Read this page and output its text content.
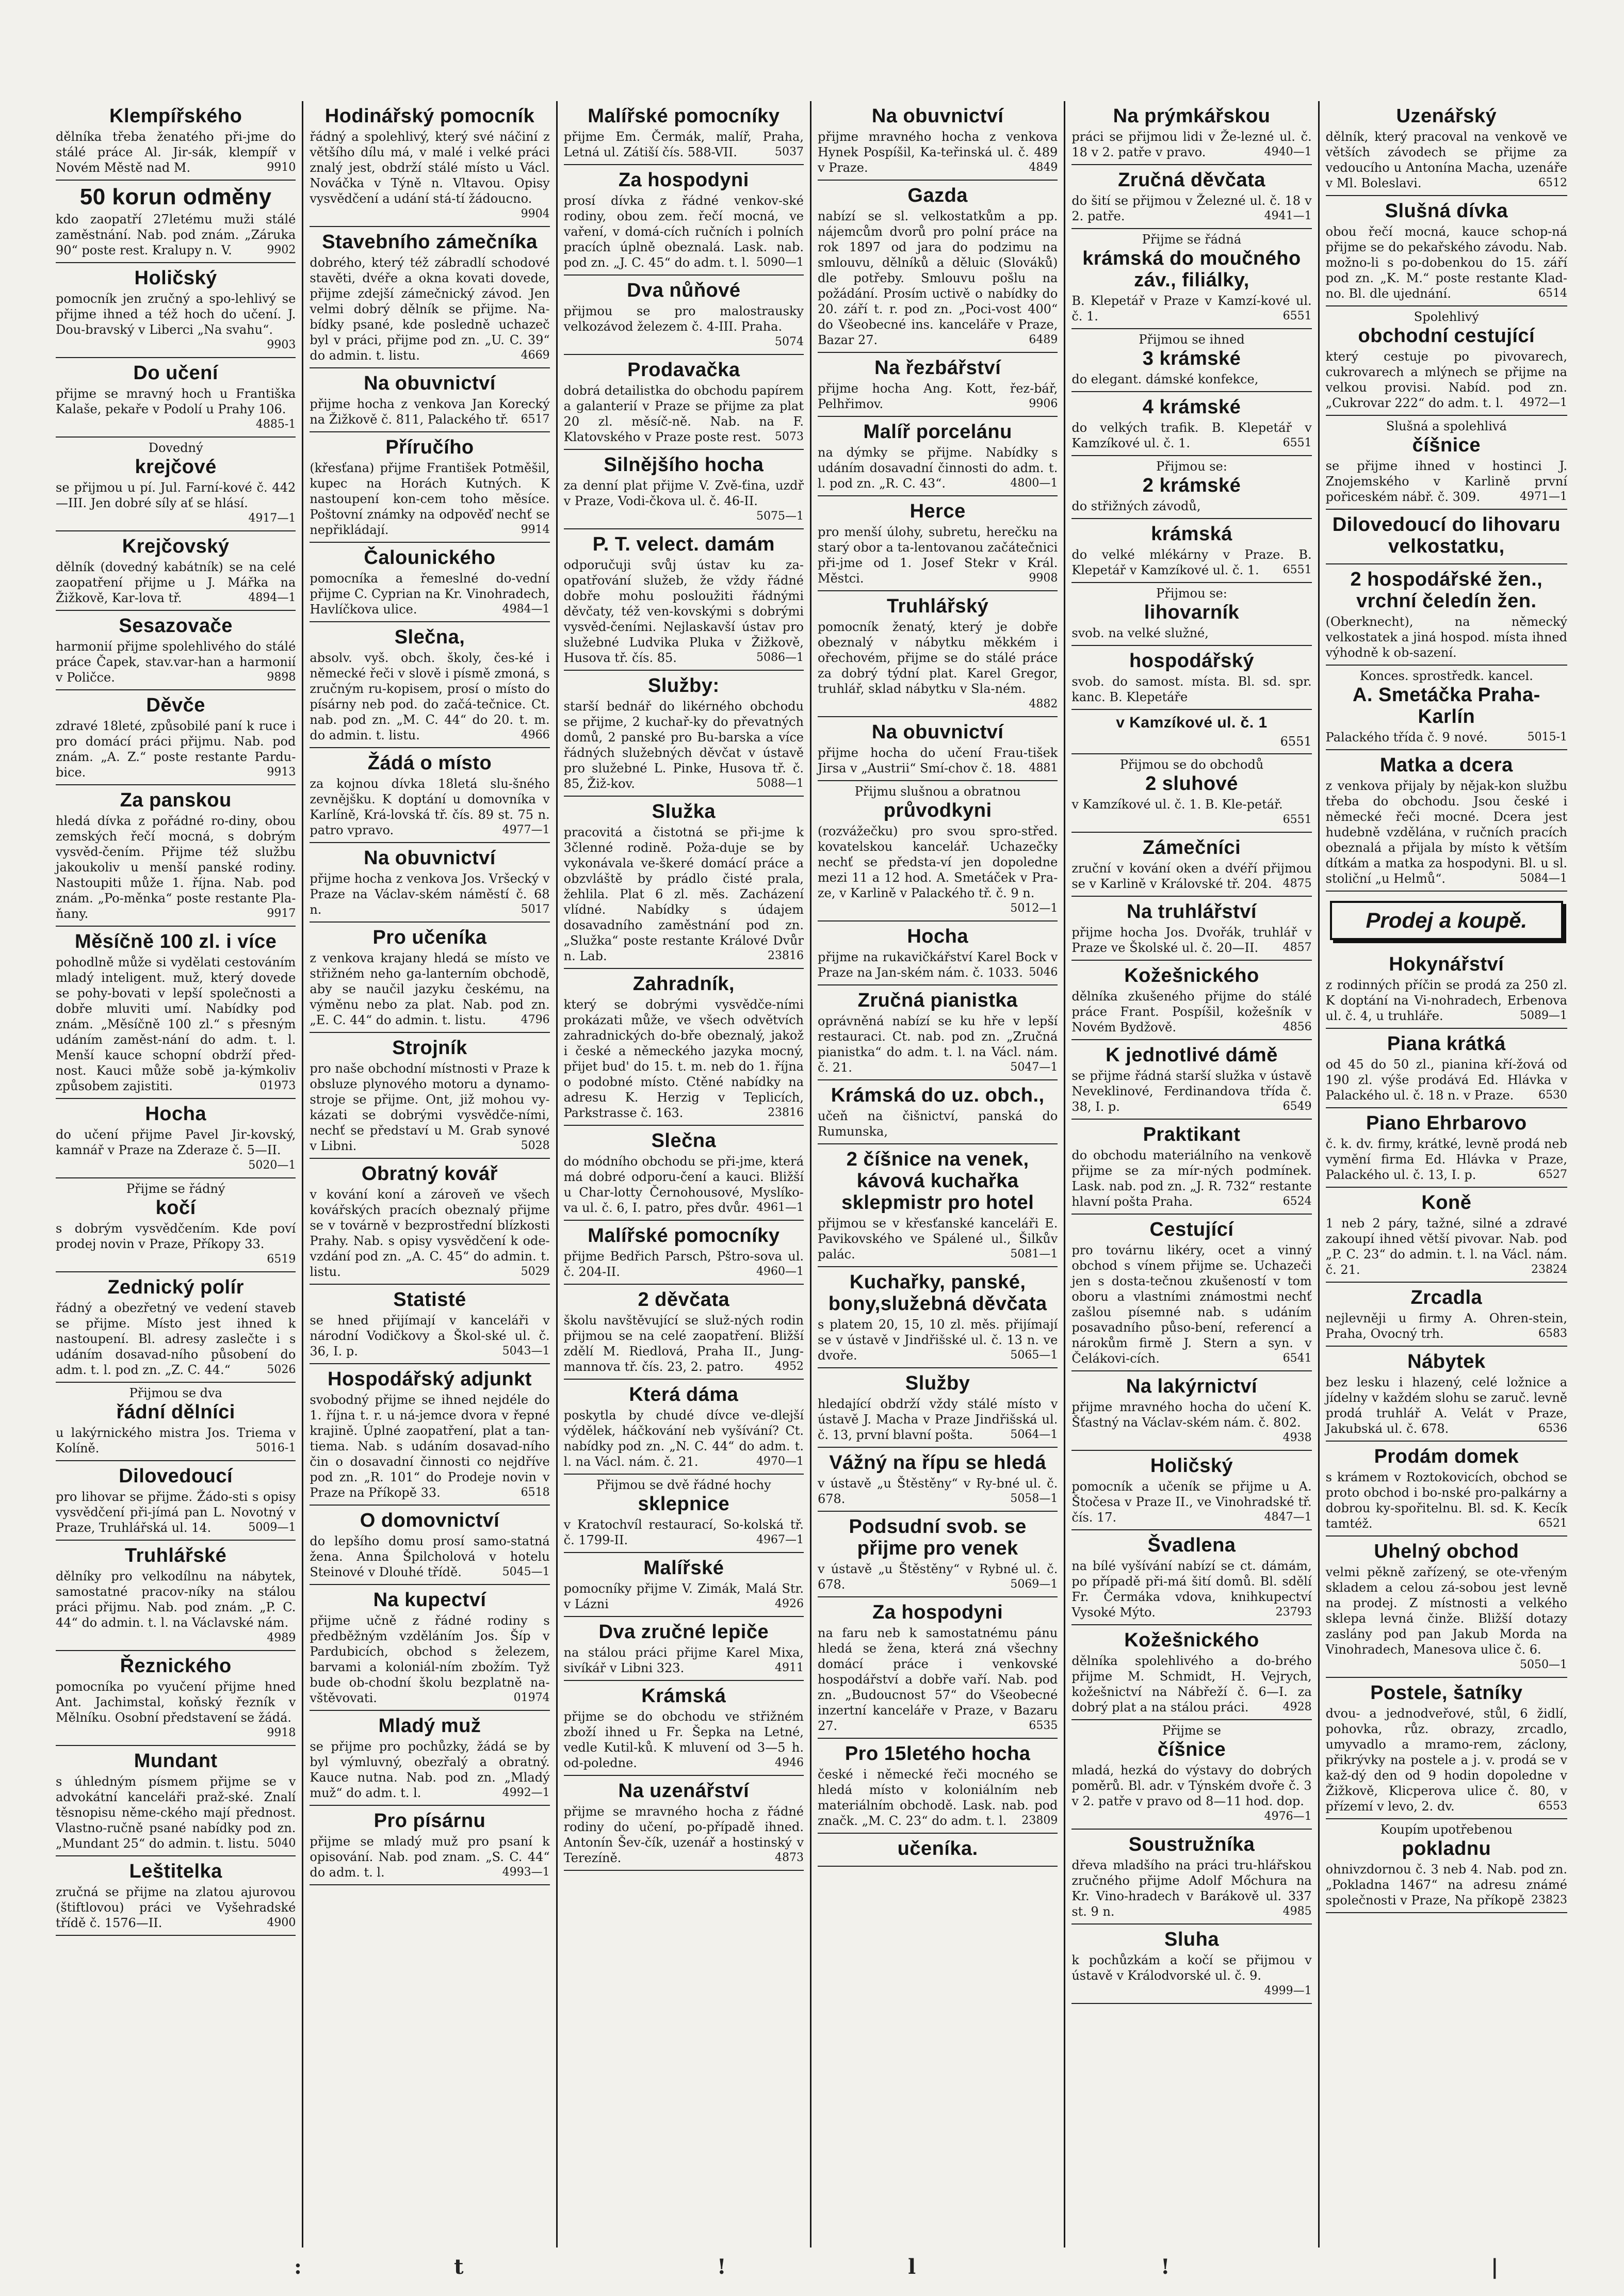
Klempířského
dělníka třeba ženatého při-jme do stálé práce Al. Jir-sák, klempíř v Novém Městě nad M.	9910
50 korun odměny
kdo zaopatří 27letému muži stálé zaměstnání. Nab. pod znám. „Záruka 90“ poste rest. Kralupy n. V.	9902
Holičský
pomocník jen zručný a spo-lehlivý se přijme ihned a též hoch do učení. J. Dou-bravský v Liberci „Na svahu“.
9903
Do učení
přijme se mravný hoch u Františka Kalaše, pekaře v Podolí u Prahy 106.
4885-1
Dovedný
krejčové
se přijmou u pí. Jul. Farní-kové č. 442—III. Jen dobré síly ať se hlásí.
4917—1
Krejčovský
dělník (dovedný kabátník) se na celé zaopatření přijme u J. Mářka na Žižkově, Kar-lova tř.	4894—1
Sesazovače
harmonií přijme spolehlivého do stálé práce Čapek, stav.var-han a harmonií v Poličce.	9898
Děvče
zdravé 18leté, způsobilé paní k ruce i pro domácí práci přijmu. Nab. pod znám. „A. Z.“ poste restante Pardu-bice.	9913
Za panskou
hledá dívka z pořádné ro-diny, obou zemských řečí mocná, s dobrým vysvěd-čením. Přijme též službu jakoukoliv u menší panské rodiny. Nastoupiti může 1. října. Nab. pod znám. „Po-měnka“ poste restante Pla-ňany.	9917
Měsíčně 100 zl. i více
pohodlně může si vydělati cestováním mladý inteligent. muž, který dovede se pohy-bovati v lepší společnosti a dobře mluviti umí. Nabídky pod znám. „Měsíčně 100 zl.“ s přesným udáním zaměst-nání do adm. t. l. Menší kauce schopní obdrží před-nost. Kauci může sobě ja-kýmkoliv způsobem zajistiti.	01973
Hocha
do učení přijme Pavel Jir-kovský, kamnář v Praze na Zderaze č. 5—II.
5020—1
Přijme se řádný
kočí
s dobrým vysvědčením. Kde poví prodej novin v Praze, Příkopy 33.
6519
Zednický polír
řádný a obezřetný ve vedení staveb se přijme. Místo jest ihned k nastoupení. Bl. adresy zaslečte i s udáním dosavad-ního působení do adm. t. l. pod zn. „Z. C. 44.“	5026
Přijmou se dva
řádní dělníci
u lakýrnického mistra Jos. Triema v Kolíně.	5016-1
Dilovedoucí
pro lihovar se přijme. Žádo-sti s opisy vysvědčení při-jímá pan L. Novotný v Praze, Truhlářská ul. 14.	5009—1
Truhlářské
dělníky pro velkodílnu na nábytek, samostatné pracov-níky na stálou práci přijmu. Nab. pod znám. „P. C. 44“ do admin. t. l. na Václavské nám.
4989
Řeznického
pomocníka po vyučení přijme hned Ant. Jachimstal, koňský řezník v Mělníku. Osobní představení se žádá.
9918
Mundant
s úhledným písmem přijme se v advokátní kanceláři praž-ské. Znalí těsnopisu něme-ckého mají přednost. Vlastno-ručně psané nabídky pod zn. „Mundant 25“ do admin. t. listu. 5040
Leštitelka
zručná se přijme na zlatou ajurovou (štiftlovou) práci ve Vyšehradské třídě č. 1576—II.	4900
Hodinářský pomocník
řádný a spolehlivý, který své náčiní z většího dílu má, v malé i velké práci znalý jest, obdrží stálé místo u Václ. Nováčka v Týně n. Vltavou. Opisy vysvědčení a udání stá-tí žádoucno.
9904
Stavebního zámečníka
dobrého, který též zábradlí schodové stavěti, dvéře a okna kovati dovede, přijme zdejší zámečnický závod. Jen velmi dobrý dělník se přijme. Na-bídky psané, kde posledně uchazeč byl v práci, přijme pod zn. „U. C. 39“ do admin. t. listu.	4669
Na obuvnictví
přijme hocha z venkova Jan Korecký na Žižkově č. 811, Palackého tř. 6517
Příručího
(křesťana) přijme František Potměšil, kupec na Horách Kutných. K nastoupení kon-cem toho měsíce. Poštovní známky na odpověď nechť se nepřikládají.	9914
Čalounického
pomocníka a řemeslné do-vední přijme C. Cyprian na Kr. Vinohradech, Havlíčkova ulice.	4984—1
Slečna,
absolv. vyš. obch. školy, čes-ké i německé řeči v slově i písmě zmoná, s zručným ru-kopisem, prosí o místo do písárny neb pod. do začá-tečnice. Ct. nab. pod zn. „M. C. 44“ do 20. t. m. do admin. t. listu.	4966
Žádá o místo
za kojnou dívka 18letá slu-šného zevnějšku. K doptání u domovníka v Karlíně, Krá-lovská tř. čís. 89 st. 75 n. patro vpravo.	4977—1
Na obuvnictví
přijme hocha z venkova Jos. Vršecký v Praze na Václav-ském náměstí č. 68 n.	5017
Pro učeníka
z venkova krajany hledá se místo ve střižném neho ga-lanterním obchodě, aby se naučil jazyku českému, na výměnu nebo za plat. Nab. pod zn. „E. C. 44“ do admin. t. listu.	4796
Strojník
pro naše obchodní místnosti v Praze k obsluze plynového motoru a dynamo-stroje se přijme. Ont, již mohou vy-kázati se dobrými vysvědče-ními, nechť se představí u M. Grab synové v Libni.	5028
Obratný kovář
v kování koní a zároveň ve všech kovářských pracích obeznalý přijme se v továrně v bezprostřední blízkosti Prahy. Nab. s opisy vysvědčení k ode-vzdání pod zn. „A. C. 45“ do admin. t. listu.	5029
Statisté
se hned přijímají v kanceláři v národní Vodičkovy a Škol-ské ul. č. 36, I. p.	5043—1
Hospodářský adjunkt
svobodný přijme se ihned nejdéle do 1. října t. r. u ná-jemce dvora v řepné krajině. Úplné zaopatření, plat a tan-tiema. Nab. s udáním dosavad-ního čin o dosavadní činnosti co nejdříve pod zn. „R. 101“ do Prodeje novin v Praze na Příkopě 33.	6518
O domovnictví
do lepšího domu prosí samo-statná žena. Anna Špilcholová v hotelu Steinové v Dlouhé třídě.	5045—1
Na kupectví
přijme učně z řádné rodiny s předběžným vzděláním Jos. Šíp v Pardubicích, obchod s železem, barvami a koloniál-ním zbožím. Tyž bude ob-chodní školu bezplatně na-vštěvovati.	01974
Mladý muž
se přijme pro pochůzky, žádá se by byl výmluvný, obezřalý a obratný. Kauce nutna. Nab. pod zn. „Mladý muž“ do adm. t. l.	4992—1
Pro písárnu
přijme se mladý muž pro psaní k opisování. Nab. pod znam. „S. C. 44“ do adm. t. l.	4993—1
Malířské pomocníky
přijme Em. Čermák, malíř, Praha, Letná ul. Zátiší čís. 588-VII.	5037
Za hospodyni
prosí dívka z řádné venkov-ské rodiny, obou zem. řečí mocná, ve vaření, v domá-cích ručních i polních pracích úplně obeznalá. Lask. nab. pod zn. „J. C. 45“ do adm. t. l. 5090—1
Dva nůňové
přijmou se pro malostrausky velkozávod železem č. 4-III. Praha.
5074
Prodavačka
dobrá detailistka do obchodu papírem a galanterií v Praze se přijme za plat 20 zl. měsíč-ně. Nab. na F. Klatovského v Praze poste rest. 5073
Silnějšího hocha
za denní plat přijme V. Zvě-ťina, uzdř v Praze, Vodi-čkova ul. č. 46-II.
5075—1
P. T. velect. damám
odporučuji svůj ústav ku za-opatřování služeb, že vždy řádné dobře mohu posloužiti řádnými děvčaty, též ven-kovskými s dobrými vysvěd-čeními. Nejlaskavší ústav pro služebné Ludvika Pluka v Žižkově, Husova tř. čís. 85.	5086—1
Služby:
starší bednář do likérného obchodu se přijme, 2 kuchař-ky do převatných domů, 2 panské pro Bu-barska a více řádných služebných děvčat v ústavě pro služebné L. Pinke, Husova tř. č. 85, Žiž-kov.	5088—1
Služka
pracovitá a čistotná se při-jme k 3členné rodině. Poža-duje se by vykonávala ve-škeré domácí práce a obzvláště by prádlo čisté prala, žehlila. Plat 6 zl. měs. Zacházení vlídné. Nabídky s údajem dosavadního zaměstnání pod zn. „Služka“ poste restante Králové Dvůr n. Lab.	23816
Zahradník,
který se dobrými vysvědče-ními prokázati může, ve všech odvětvích zahradnických do-bře obeznalý, jakož i české a německého jazyka mocný, přijet bud' do 15. t. m. neb do 1. října o podobné místo. Ctěné nabídky na adresu K. Herzig v Teplicích, Parkstrasse č. 163.	23816
Slečna
do módního obchodu se při-jme, která má dobré odporu-čení a kauci. Bližší u Char-lotty Černohousové, Myslíko-va ul. č. 6, I. patro, přes dvůr. 4961—1
Malířské pomocníky
přijme Bedřich Parsch, Pštro-sova ul. č. 204-II.	4960—1
2 děvčata
školu navštěvující se služ-ných rodin přijmou se na celé zaopatření. Bližší zdělí M. Riedlová, Praha II., Jung-mannova tř. čís. 23, 2. patro.	4952
Která dáma
poskytla by chudé dívce ve-dlejší výdělek, háčkování neb vyšívání? Ct. nabídky pod zn. „N. C. 44“ do adm. t. l. na Václ. nám. č. 21.	4970—1
Přijmou se dvě řádné hochy
sklepnice
v Kratochvíl restaurací, So-kolská tř. č. 1799-II.	4967—1
Malířské
pomocníky přijme V. Zimák, Malá Str. v Lázni	4926
Dva zručné lepiče
na stálou práci přijme Karel Mixa, sivíkář v Libni 323.	4911
Krámská
přijme se do obchodu ve střižném zboží ihned u Fr. Šepka na Letné, vedle Kutil-ků. K mluvení od 3—5 h. od-poledne.	4946
Na uzenářství
přijme se mravného hocha z řádné rodiny do učení, po-případě ihned. Antonín Šev-čík, uzenář a hostinský v Terezíně.	4873
Na obuvnictví
přijme mravného hocha z venkova Hynek Pospíšil, Ka-teřinská ul. č. 489 v Praze.	4849
Gazda
nabízí se sl. velkostatkům a pp. nájemcům dvorů pro polní práce na rok 1897 od jara do podzimu na smlouvu, dělníků a děluic (Slováků) dle potřeby. Smlouvu pošlu na požádání. Prosím uctivě o nabídky do 20. září t. r. pod zn. „Poci-vost 400“ do Všeobecné ins. kanceláře v Praze, Bazar 27.	6489
Na řezbářství
přijme hocha Ang. Kott, řez-bář, Pelhřimov.	9906
Malíř porcelánu
na dýmky se přijme. Nabídky s udáním dosavadní činnosti do adm. t. l. pod zn. „R. C. 43“.	4800—1
Herce
pro menší úlohy, subretu, herečku na starý obor a ta-lentovanou začátečnici při-jme od 1. Josef Stekr v Král. Městci.	9908
Truhlářský
pomocník ženatý, který je dobře obeznalý v nábytku měkkém i ořechovém, přijme se do stálé práce za dobrý týdní plat. Karel Gregor, truhlář, sklad nábytku v Sla-ném.
4882
Na obuvnictví
přijme hocha do učení Frau-tišek Jirsa v „Austrii“ Smí-chov č. 18. 4881
Přijmu slušnou a obratnou
průvodkyni
(rozvážečku) pro svou spro-střed. kovatelskou kancelář. Uchazečky nechť se předsta-ví jen dopoledne mezi 11 a 12 hod. A. Smetáček v Pra-ze, v Karlině v Palackého tř. č. 9 n.
5012—1
Hocha
přijme na rukavičkářství Karel Bock v Praze na Jan-ském nám. č. 1033. 5046
Zručná pianistka
oprávněná nabízí se ku hře v lepší restauraci. Ct. nab. pod zn. „Zručná pianistka“ do adm. t. l. na Václ. nám. č. 21.	5047—1
Krámská do uz. obch.,
učeň na čišnictví, panská do Rumunska,
2 číšnice na venek, kávová kuchařka sklepmistr pro hotel
přijmou se v křesťanské kanceláři E. Pavikovského ve Spálené ul., Šilkův palác.	5081—1
Kuchařky, panské, bony,služebná děvčata
s platem 20, 15, 10 zl. měs. přijímají se v ústavě v Jindřišské ul. č. 13 n. ve dvoře.	5065—1
Služby
hledající obdrží vždy stálé místo v ústavě J. Macha v Praze Jindřišská ul. č. 13, první blavní pošta.	5064—1
Vážný na řípu se hledá
v ústavě „u Štěstěny“ v Ry-bné ul. č. 678.	5058—1
Podsudní svob. se přijme pro venek
v ústavě „u Štěstěny“ v Rybné ul. č. 678.	5069—1
Za hospodyni
na faru neb k samostatnému pánu hledá se žena, která zná všechny domácí práce i venkovské hospodářství a dobře vaří. Nab. pod zn. „Budoucnost 57“ do Všeobecné inzertní kanceláře v Praze, v Bazaru 27.	6535
Pro 15letého hocha
české i německé řeči mocného se hledá místo v koloniálním neb materiálním obchodě. Lask. nab. pod značk. „M. C. 23“ do adm. t. l. 23809
učeníka.
Na prýmkářskou
práci se přijmou lidi v Že-lezné ul. č. 18 v 2. patře v pravo.	4940—1
Zručná děvčata
do šití se přijmou v Železné ul. č. 18 v 2. patře.	4941—1
Přijme se řádná
krámská do moučného záv., filiálky,
B. Klepetář v Praze v Kamzí-kové ul. č. 1.	6551
Přijmou se ihned
3 krámské
do elegant. dámské konfekce,
4 krámské
do velkých trafik. B. Klepetář v Kamzíkové ul. č. 1.	6551
Přijmou se:
2 krámské
do střižných závodů,
krámská
do velké mlékárny v Praze. B. Klepetář v Kamzíkové ul. č. 1. 6551
Přijmou se:
lihovarník
svob. na velké služné,
hospodářský
svob. do samost. místa. Bl. sd. spr. kanc. B. Klepetáře
v Kamzíkové ul. č. 1
6551
Přijmou se do obchodů
2 sluhové
v Kamzíkové ul. č. 1. B. Kle-petář.
6551
Zámečníci
zruční v kování oken a dvéří přijmou se v Karlině v Královské tř. 204. 4875
Na truhlářství
přijme hocha Jos. Dvořák, truhlář v Praze ve Školské ul. č. 20—II. 4857
Kožešnického
dělníka zkušeného přijme do stálé práce Frant. Pospíšil, kožešník v Novém Bydžově.	4856
K jednotlivé dámě
se přijme řádná starší služka v ústavě Neveklinové, Ferdinandova třída č. 38, I. p.	6549
Praktikant
do obchodu materiálního na venkově přijme se za mír-ných podmínek. Lask. nab. pod zn. „J. R. 732“ restante hlavní pošta Praha.	6524
Cestující
pro továrnu likéry, ocet a vinný obchod s vínem přijme se. Uchazeči jen s dosta-tečnou zkušeností v tom oboru a vlastními známostmi nechť zašlou písemné nab. s udáním posavadního půso-bení, referencí a nárokům firmě J. Stern a syn. v Čelákovi-cích.	6541
Na lakýrnictví
přijme mravného hocha do učení K. Šťastný na Václav-ském nám. č. 802.
4938
Holičský
pomocník a učeník se přijme u A. Štočesa v Praze II., ve Vinohradské tř. čís. 17.	4847—1
Švadlena
na bílé vyšívání nabízí se ct. dámám, po případě při-má šití domů. Bl. sdělí Fr. Čermáka vdova, knihkupectví Vysoké Mýto.	23793
Kožešnického
dělníka spolehlivého a do-brého přijme M. Schmidt, H. Vejrych, kožešnictví na Nábřeží č. 6—I. za dobrý plat a na stálou práci.	4928
Přijme se
číšnice
mladá, hezká do výstavy do dobrých poměrů. Bl. adr. v Týnském dvoře č. 3 v 2. patře v pravo od 8—11 hod. dop.
4976—1
Soustružníka
dřeva mladšího na práci tru-hlářskou zručného přijme Adolf Mőchura na Kr. Vino-hradech v Barákově ul. 337 st. 9 n.	4985
Sluha
k pochůzkám a kočí se přijmou v ústavě v Králodvorské ul. č. 9.
4999—1
Uzenářský
dělník, který pracoval na venkově ve větších závodech se přijme za vedoucího u Antonína Macha, uzenáře v Ml. Boleslavi.	6512
Slušná dívka
obou řečí mocná, kauce schop-ná přijme se do pekařského závodu. Nab. možno-li s po-dobenkou do 15. září pod zn. „K. M.“ poste restante Klad-no. Bl. dle ujednání.	6514
Spolehlivý
obchodní cestující
který cestuje po pivovarech, cukrovarech a mlýnech se přijme na velkou provisi. Nabíd. pod zn. „Cukrovar 222“ do adm. t. l. 4972—1
Slušná a spolehlivá
číšnice
se přijme ihned v hostinci J. Znojemského v Karlině první pořiceském nábř. č. 309.	4971—1
Dilovedoucí do lihovaru velkostatku,
2 hospodářské žen., vrchní čeledín žen.
(Oberknecht), na německý velkostatek a jiná hospod. místa ihned výhodně k ob-sazení.
Konces. sprostředk. kancel.
A. Smetáčka Praha-Karlín
Palackého třída č. 9 nové.	5015-1
Matka a dcera
z venkova přijaly by nějak-kon službu třeba do obchodu. Jsou české i německé řeči mocné. Dcera jest hudebně vzdělána, v ručních pracích obeznalá a přijala by místo k větším dítkám a matka za hospodyni. Bl. u sl. stoliční „u Helmů“.	5084—1
Prodej a koupě.
Hokynářství
z rodinných příčin se prodá za 250 zl. K doptání na Vi-nohradech, Erbenova ul. č. 4, u truhláře.	5089—1
Piana krátká
od 45 do 50 zl., pianina kří-žová od 190 zl. výše prodává Ed. Hlávka v Palackého ul. č. 18 n. v Praze. 6530
Piano Ehrbarovo
č. k. dv. firmy, krátké, levně prodá neb vymění firma Ed. Hlávka v Praze, Palackého ul. č. 13, I. p.	6527
Koně
1 neb 2 páry, tažné, silné a zdravé zakoupí ihned větší pivovar. Nab. pod „P. C. 23“ do admin. t. l. na Václ. nám. č. 21.	23824
Zrcadla
nejlevněji u firmy A. Ohren-stein, Praha, Ovocný trh.	6583
Nábytek
bez lesku i hlazený, celé ložnice a jídelny v každém slohu se zaruč. levně prodá truhlář A. Velát v Praze, Jakubská ul. č. 678.	6536
Prodám domek
s krámem v Roztokovicích, obchod se proto obchod i bo-nské pro-palkárny a dobrou ky-spořitelnu. Bl. sd. K. Kecík tamtéž.	6521
Uhelný obchod
velmi pěkně zařízený, se ote-vřeným skladem a celou zá-sobou jest levně na prodej. Z místnosti a velkého sklepa levná činže. Bližší dotazy zaslány pod pan Jakub Morda na Vinohradech, Manesova ulice č. 6.
5050—1
Postele, šatníky
dvou- a jednodveřové, stůl, 6 židlí, pohovka, růz. obrazy, zrcadlo, umyvadlo a mramo-rem, záclony, přikrývky na postele a j. v. prodá se v kaž-dý den od 9 hodin dopoledne v Žižkově, Klicperova ulice č. 80, v přízemí v levo, 2. dv.	6553
Koupím upotřebenou
pokladnu
ohnivzdornou č. 3 neb 4. Nab. pod zn. „Pokladna 1467“ na adresu známé společnosti v Praze, Na příkopě 23823
:	t	!	l	!	|
